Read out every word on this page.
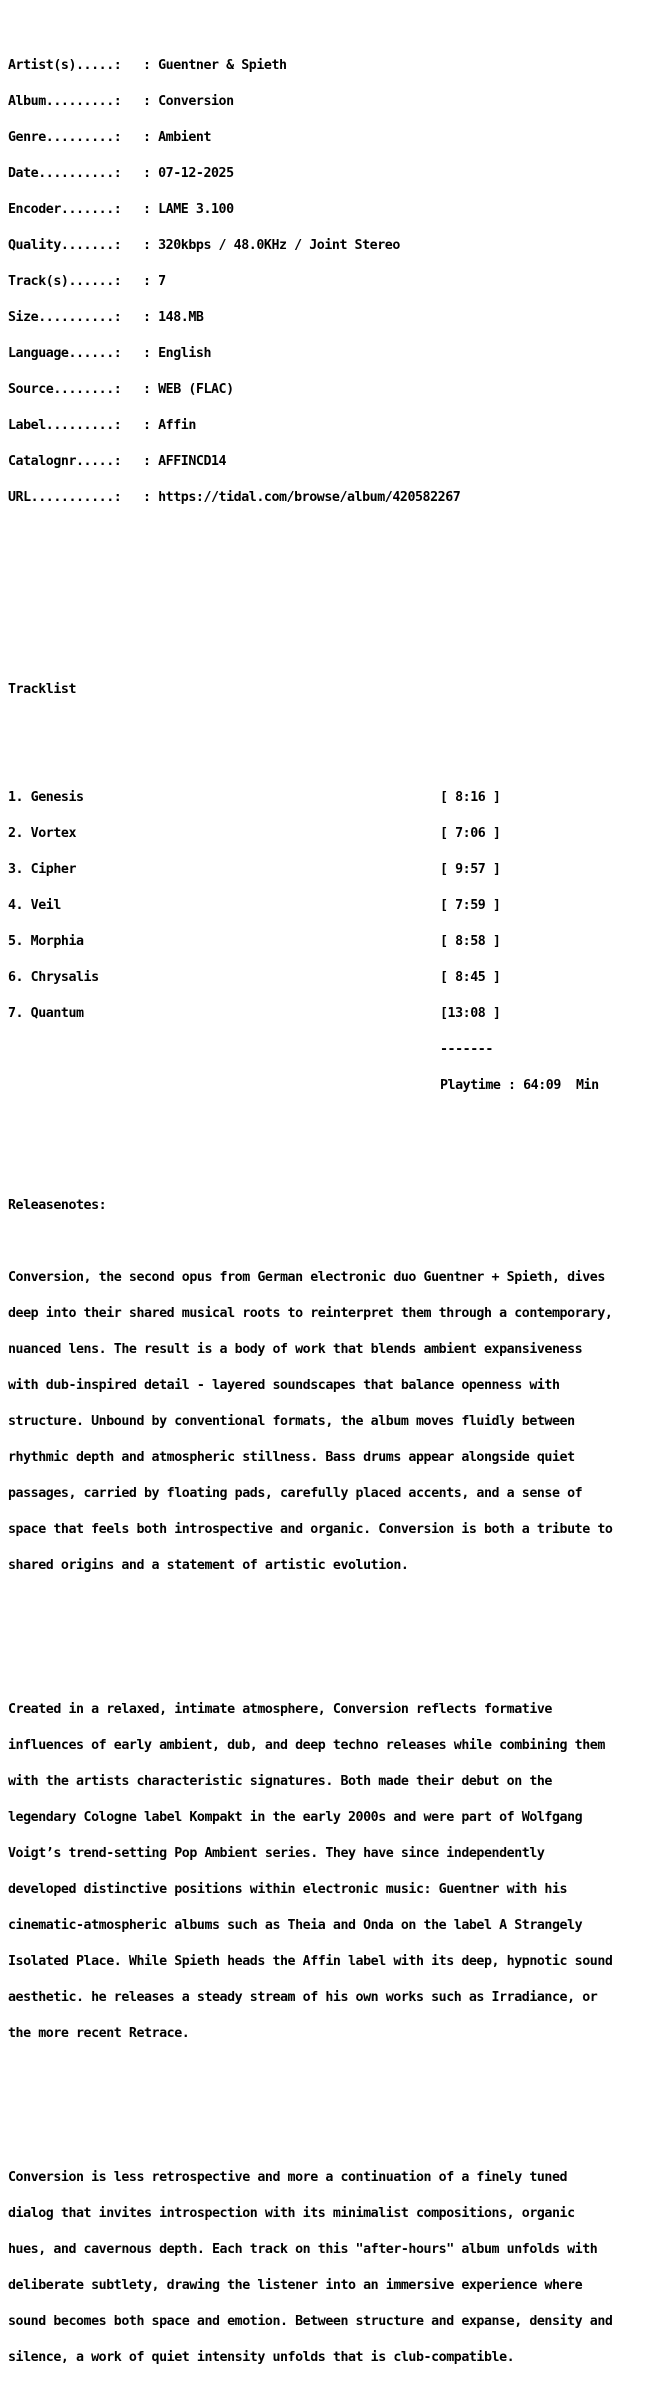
Artist(s).....:	: Guentner & Spieth

Album.........:	: Conversion

Genre.........:	: Ambient

Date..........:	: 07-12-2025

Encoder.......:	: LAME 3.100

Quality.......:	: 320kbps / 48.0KHz / Joint Stereo

Track(s)......:	: 7

Size..........:	: 148.MB

Language......:	: English

Source........:	: WEB (FLAC)

Label.........:	: Affin

Catalognr.....:	: AFFINCD14

URL...........:	: https://tidal.com/browse/album/420582267

Tracklist

1. Genesis	[ 8:16 ]

2. Vortex	[ 7:06 ]

3. Cipher	[ 9:57 ]

4. Veil	[ 7:59 ]

5. Morphia	[ 8:58 ]

6. Chrysalis	[ 8:45 ]

7. Quantum	[13:08 ]

-------

Playtime : 64:09  Min

Releasenotes:

Conversion, the second opus from German electronic duo Guentner + Spieth, dives

deep into their shared musical roots to reinterpret them through a contemporary,

nuanced lens. The result is a body of work that blends ambient expansiveness

with dub-inspired detail - layered soundscapes that balance openness with

structure. Unbound by conventional formats, the album moves fluidly between

rhythmic depth and atmospheric stillness. Bass drums appear alongside quiet

passages, carried by floating pads, carefully placed accents, and a sense of

space that feels both introspective and organic. Conversion is both a tribute to

shared origins and a statement of artistic evolution.

Created in a relaxed, intimate atmosphere, Conversion reflects formative

influences of early ambient, dub, and deep techno releases while combining them

with the artists characteristic signatures. Both made their debut on the

legendary Cologne label Kompakt in the early 2000s and were part of Wolfgang

Voigt’s trend-setting Pop Ambient series. They have since independently

developed distinctive positions within electronic music: Guentner with his

cinematic-atmospheric albums such as Theia and Onda on the label A Strangely

Isolated Place. While Spieth heads the Affin label with its deep, hypnotic sound

aesthetic. he releases a steady stream of his own works such as Irradiance, or

the more recent Retrace.

Conversion is less retrospective and more a continuation of a finely tuned

dialog that invites introspection with its minimalist compositions, organic

hues, and cavernous depth. Each track on this "after-hours" album unfolds with

deliberate subtlety, drawing the listener into an immersive experience where

sound becomes both space and emotion. Between structure and expanse, density and

silence, a work of quiet intensity unfolds that is club-compatible.
